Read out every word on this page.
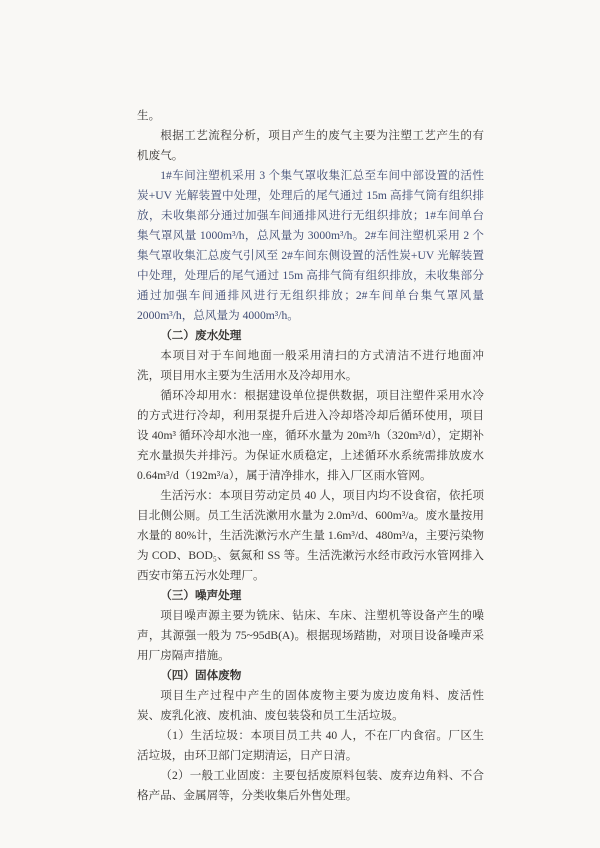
生。

根据工艺流程分析，项目产生的废气主要为注塑工艺产生的有机废气。

1#车间注塑机采用 3 个集气罩收集汇总至车间中部设置的活性炭+UV 光解装置中处理，处理后的尾气通过 15m 高排气筒有组织排放，未收集部分通过加强车间通排风进行无组织排放；1#车间单台集气罩风量 1000m³/h，总风量为 3000m³/h。2#车间注塑机采用 2 个集气罩收集汇总废气引风至 2#车间东侧设置的活性炭+UV 光解装置中处理，处理后的尾气通过 15m 高排气筒有组织排放，未收集部分通过加强车间通排风进行无组织排放；2#车间单台集气罩风量 2000m³/h，总风量为 4000m³/h。

（二）废水处理

本项目对于车间地面一般采用清扫的方式清洁不进行地面冲洗，项目用水主要为生活用水及冷却用水。

循环冷却用水：根据建设单位提供数据，项目注塑件采用水冷的方式进行冷却，利用泵提升后进入冷却塔冷却后循环使用，项目设 40m³ 循环冷却水池一座，循环水量为 20m³/h（320m³/d），定期补充水量损失并排污。为保证水质稳定，上述循环水系统需排放废水 0.64m³/d（192m³/a），属于清净排水，排入厂区雨水管网。

生活污水：本项目劳动定员 40 人，项目内均不设食宿，依托项目北侧公厕。员工生活洗漱用水量为 2.0m³/d、600m³/a。废水量按用水量的 80%计，生活洗漱污水产生量 1.6m³/d、480m³/a，主要污染物为 COD、BOD₅、氨氮和 SS 等。生活洗漱污水经市政污水管网排入西安市第五污水处理厂。

（三）噪声处理

项目噪声源主要为铣床、钻床、车床、注塑机等设备产生的噪声，其源强一般为 75~95dB(A)。根据现场踏勘，对项目设备噪声采用厂房隔声措施。

（四）固体废物

项目生产过程中产生的固体废物主要为废边废角料、废活性炭、废乳化液、废机油、废包装袋和员工生活垃圾。

（1）生活垃圾：本项目员工共 40 人，不在厂内食宿。厂区生活垃圾，由环卫部门定期清运，日产日清。

（2）一般工业固废：主要包括废原料包装、废弃边角料、不合格产品、金属屑等，分类收集后外售处理。
